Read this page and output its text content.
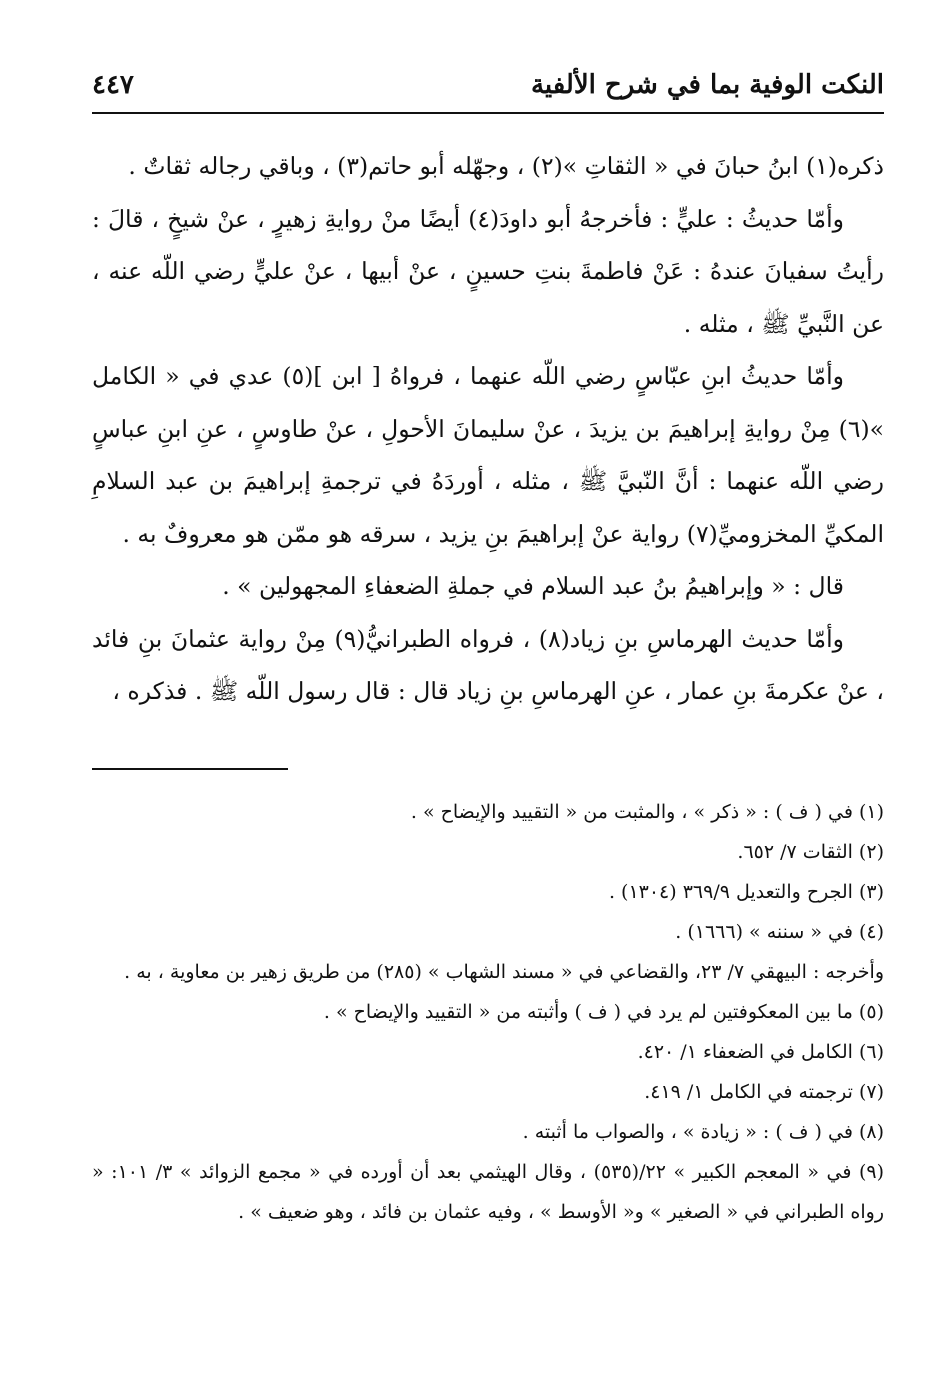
النكت الوفية بما في شرح الألفية
٤٤٧

ذكره(١) ابنُ حبانَ في « الثقاتِ »(٢) ، وجهّله أبو حاتم(٣) ، وباقي رجاله ثقاتٌ .

وأمّا حديثُ : عليٍّ : فأخرجهُ أبو داودَ(٤) أيضًا منْ روايةِ زهيرٍ ، عنْ شيخٍ ، قالَ : رأيتُ سفيانَ عندهُ : عَنْ فاطمةَ بنتِ حسينٍ ، عنْ أبيها ، عنْ عليٍّ رضي اللّه عنه ، عن النَّبيِّ ﷺ ، مثله .

وأمّا حديثُ ابنِ عبّاسٍ رضي اللّه عنهما ، فرواهُ [ ابن ](٥) عدي في « الكامل »(٦) مِنْ روايةِ إبراهيمَ بن يزيدَ ، عنْ سليمانَ الأحولِ ، عنْ طاوسٍ ، عنِ ابنِ عباسٍ رضي اللّه عنهما : أنَّ النّبيَّ ﷺ ، مثله ، أوردَهُ في ترجمةِ إبراهيمَ بن عبد السلامِ المكيِّ المخزوميِّ(٧) رواية عنْ إبراهيمَ بنِ يزيد ، سرقه هو ممّن هو معروفٌ به .

قال : « وإبراهيمُ بنُ عبد السلام في جملةِ الضعفاءِ المجهولين » .

وأمّا حديث الهرماسِ بنِ زياد(٨) ، فرواه الطبرانيُّ(٩) مِنْ رواية عثمانَ بنِ فائد ، عنْ عكرمةَ بنِ عمار ، عنِ الهرماسِ بنِ زياد قال : قال رسول اللّه ﷺ . فذكره ،

(١) في ( ف ) : « ذكر » ، والمثبت من « التقييد والإيضاح » .

(٢) الثقات ٧/ ٦٥٢.

(٣) الجرح والتعديل ٣٦٩/٩ (١٣٠٤) .

(٤) في « سننه » (١٦٦٦) .

وأخرجه : البيهقي ٧/ ٢٣، والقضاعي في « مسند الشهاب » (٢٨٥) من طريق زهير بن معاوية ، به .

(٥) ما بين المعكوفتين لم يرد في ( ف ) وأثبته من « التقييد والإيضاح » .

(٦) الكامل في الضعفاء ١/ ٤٢٠.

(٧) ترجمته في الكامل ١/ ٤١٩.

(٨) في ( ف ) : « زيادة » ، والصواب ما أثبته .

(٩) في « المعجم الكبير » ٢٢/(٥٣٥) ، وقال الهيثمي بعد أن أورده في « مجمع الزوائد » ٣/ ١٠١: « رواه الطبراني في « الصغير » و« الأوسط » ، وفيه عثمان بن فائد ، وهو ضعيف » .
